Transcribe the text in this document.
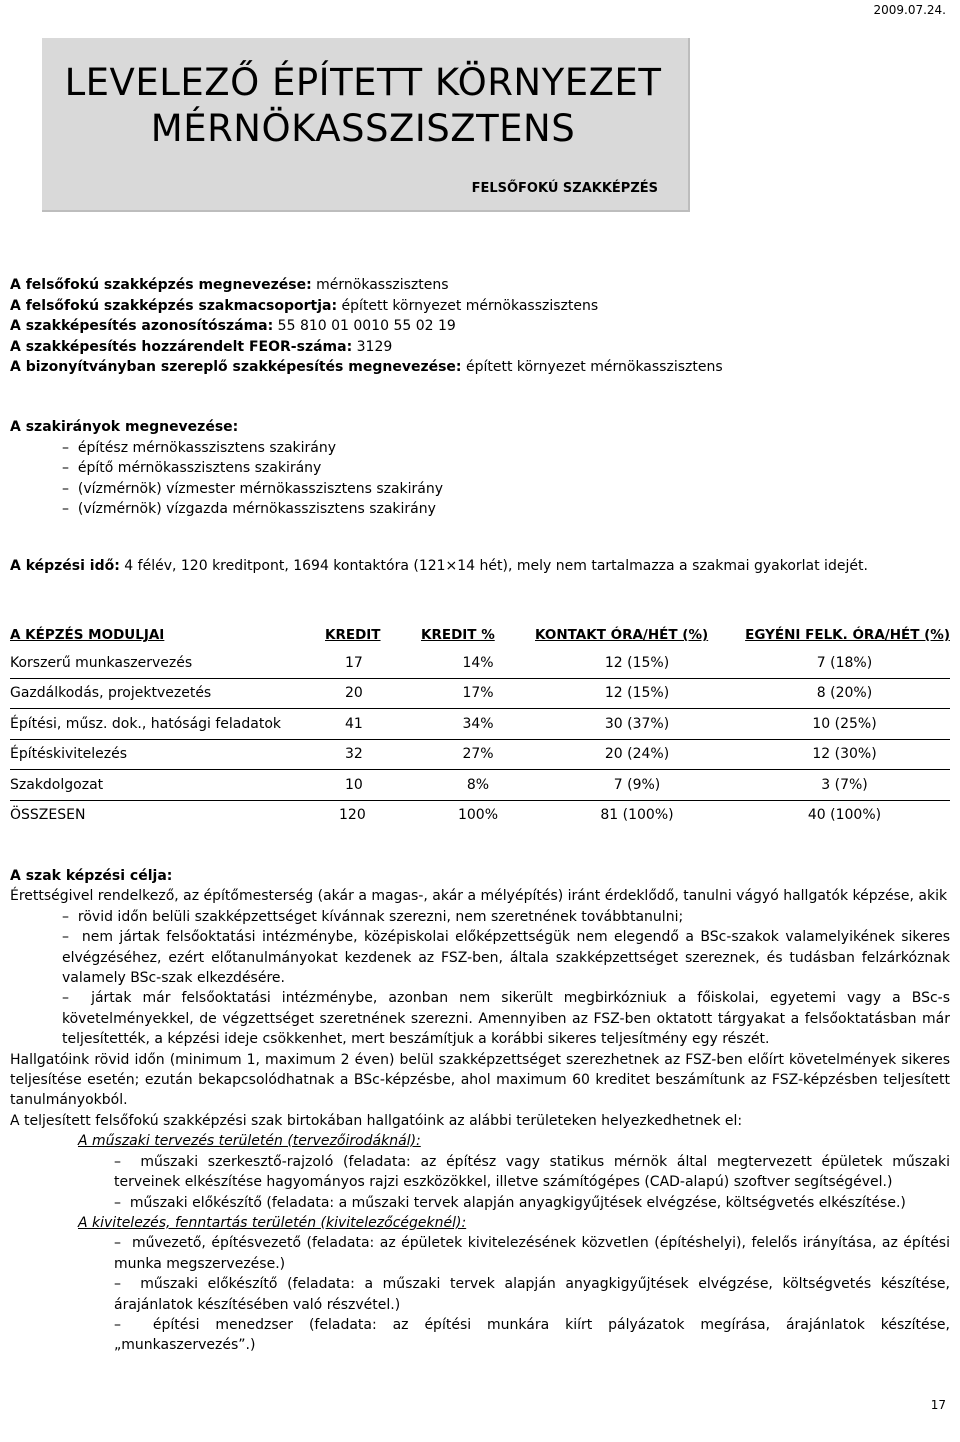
2009.07.24.
LEVELEZŐ ÉPÍTETT KÖRNYEZET
MÉRNÖKASSZISZTENS
FELSŐFOKÚ SZAKKÉPZÉS
A felsőfokú szakképzés megnevezése: mérnökasszisztens
A felsőfokú szakképzés szakmacsoportja: épített környezet mérnökasszisztens
A szakképesítés azonosítószáma: 55 810 01 0010 55 02 19
A szakképesítés hozzárendelt FEOR-száma: 3129
A bizonyítványban szereplő szakképesítés megnevezése: épített környezet mérnökasszisztens
A szakirányok megnevezése:
–  építész mérnökasszisztens szakirány
–  építő mérnökasszisztens szakirány
–  (vízmérnök) vízmester mérnökasszisztens szakirány
–  (vízmérnök) vízgazda mérnökasszisztens szakirány
A képzési idő: 4 félév, 120 kreditpont, 1694 kontaktóra (121×14 hét), mely nem tartalmazza a szakmai gyakorlat idejét.
A KÉPZÉS MODULJAI	KREDIT	KREDIT %	KONTAKT ÓRA/HÉT (%)	EGYÉNI FELK. ÓRA/HÉT (%)
Korszerű munkaszervezés	17	14%	12 (15%)	7 (18%)
Gazdálkodás, projektvezetés	20	17%	12 (15%)	8 (20%)
Építési, műsz. dok., hatósági feladatok	41	34%	30 (37%)	10 (25%)
Építéskivitelezés	32	27%	20 (24%)	12 (30%)
Szakdolgozat	10	8%	7 (9%)	3 (7%)
ÖSSZESEN	120	100%	81 (100%)	40 (100%)

A szak képzési célja:

Érettségivel rendelkező, az építőmesterség (akár a magas-, akár a mélyépítés) iránt érdeklődő, tanulni vágyó hallgatók képzése, akik

–  rövid időn belüli szakképzettséget kívánnak szerezni, nem szeretnének továbbtanulni;
–  nem jártak felsőoktatási intézménybe, középiskolai előképzettségük nem elegendő a BSc-szakok valamelyikének sikeres elvégzéséhez, ezért előtanulmányokat kezdenek az FSZ-ben, általa szakképzettséget szereznek, és tudásban felzárkóznak valamely BSc-szak elkezdésére.
–  jártak már felsőoktatási intézménybe, azonban nem sikerült megbirkózniuk a főiskolai, egyetemi vagy a BSc-s követelményekkel, de végzettséget szeretnének szerezni. Amennyiben az FSZ-ben oktatott tárgyakat a felsőoktatásban már teljesítették, a képzési ideje csökkenhet, mert beszámítjuk a korábbi sikeres teljesítmény egy részét.

Hallgatóink rövid időn (minimum 1, maximum 2 éven) belül szakképzettséget szerezhetnek az FSZ-ben előírt követelmények sikeres teljesítése esetén; ezután bekapcsolódhatnak a BSc-képzésbe, ahol maximum 60 kreditet beszámítunk az FSZ-képzésben teljesített tanulmányokból.

A teljesített felsőfokú szakképzési szak birtokában hallgatóink az alábbi területeken helyezkedhetnek el:

A műszaki tervezés területén (tervezőirodáknál):

–  műszaki szerkesztő-rajzoló (feladata: az építész vagy statikus mérnök által megtervezett épületek műszaki terveinek elkészítése hagyományos rajzi eszközökkel, illetve számítógépes (CAD-alapú) szoftver segítségével.)
–  műszaki előkészítő (feladata: a műszaki tervek alapján anyagkigyűjtések elvégzése, költségvetés elkészítése.)

A kivitelezés, fenntartás területén (kivitelezőcégeknél):

–  művezető, építésvezető (feladata: az épületek kivitelezésének közvetlen (építéshelyi), felelős irányítása, az építési munka megszervezése.)
–  műszaki előkészítő (feladata: a műszaki tervek alapján anyagkigyűjtések elvégzése, költségvetés készítése, árajánlatok készítésében való részvétel.)
–  építési menedzser (feladata: az építési munkára kiírt pályázatok megírása, árajánlatok készítése, „munkaszervezés”.)
17
